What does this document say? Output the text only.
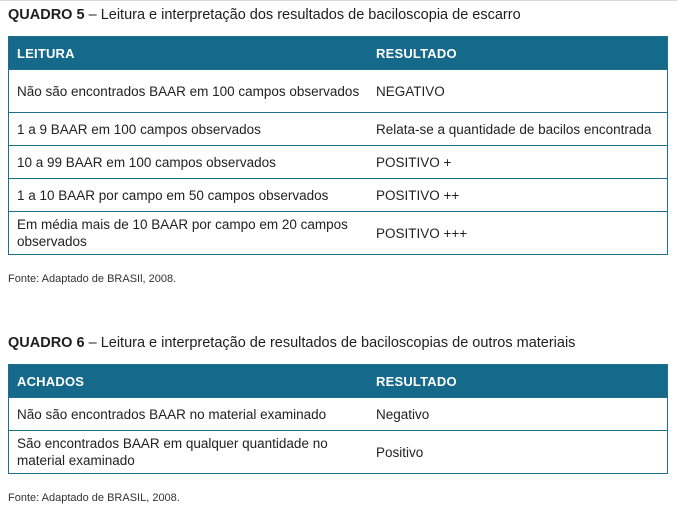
QUADRO 5 – Leitura e interpretação dos resultados de baciloscopia de escarro
LEITURA	RESULTADO
Não são encontrados BAAR em 100 campos observados	NEGATIVO
1 a 9 BAAR em 100 campos observados	Relata-se a quantidade de bacilos encontrada
10 a 99 BAAR em 100 campos observados	POSITIVO +
1 a 10 BAAR por campo em 50 campos observados	POSITIVO ++
Em média mais de 10 BAAR por campo em 20 campos observados	POSITIVO +++
Fonte: Adaptado de BRASIl, 2008.
QUADRO 6 – Leitura e interpretação de resultados de baciloscopias de outros materiais
ACHADOS	RESULTADO
Não são encontrados BAAR no material examinado	Negativo
São encontrados BAAR em qualquer quantidade no material examinado	Positivo
Fonte: Adaptado de BRASIL, 2008.
